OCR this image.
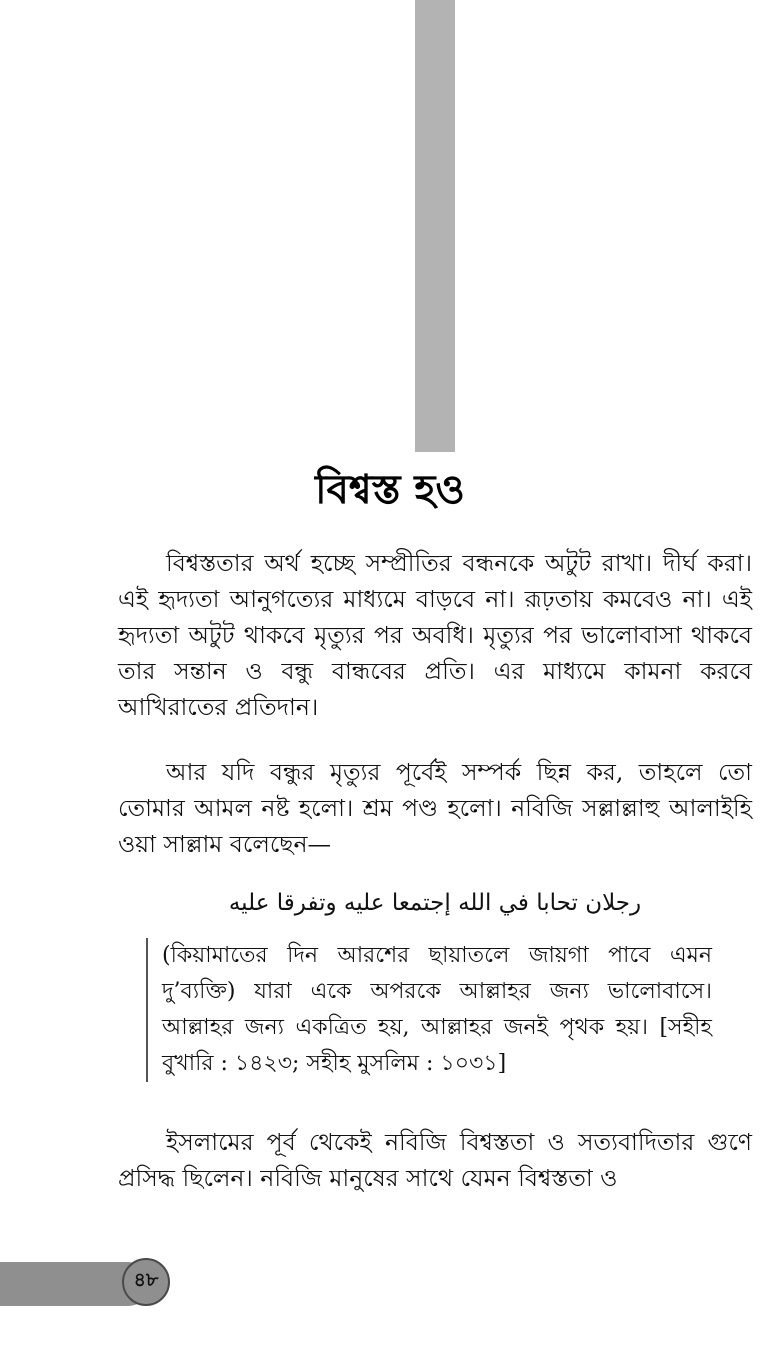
বিশ্বস্ত হও

বিশ্বস্ততার অর্থ হচ্ছে সম্প্রীতির বন্ধনকে অটুট রাখা। দীর্ঘ করা। এই হৃদ্যতা আনুগত্যের মাধ্যমে বাড়বে না। রূঢ়তায় কমবেও না। এই হৃদ্যতা অটুট থাকবে মৃত্যুর পর অবধি। মৃত্যুর পর ভালোবাসা থাকবে তার সন্তান ও বন্ধু বান্ধবের প্রতি। এর মাধ্যমে কামনা করবে আখিরাতের প্রতিদান।

আর যদি বন্ধুর মৃত্যুর পূর্বেই সম্পর্ক ছিন্ন কর, তাহলে তো তোমার আমল নষ্ট হলো। শ্রম পণ্ড হলো। নবিজি সল্লাল্লাহু আলাইহি ওয়া সাল্লাম বলেছেন—

رجلان تحابا في الله إجتمعا عليه وتفرقا عليه

(কিয়ামাতের দিন আরশের ছায়াতলে জায়গা পাবে এমন দু’ব্যক্তি) যারা একে অপরকে আল্লাহর জন্য ভালোবাসে। আল্লাহর জন্য একত্রিত হয়, আল্লাহর জনই পৃথক হয়। [সহীহ বুখারি : ১৪২৩; সহীহ মুসলিম : ১০৩১]

ইসলামের পূর্ব থেকেই নবিজি বিশ্বস্ততা ও সত্যবাদিতার গুণে প্রসিদ্ধ ছিলেন। নবিজি মানুষের সাথে যেমন বিশ্বস্ততা ও

৪৮
